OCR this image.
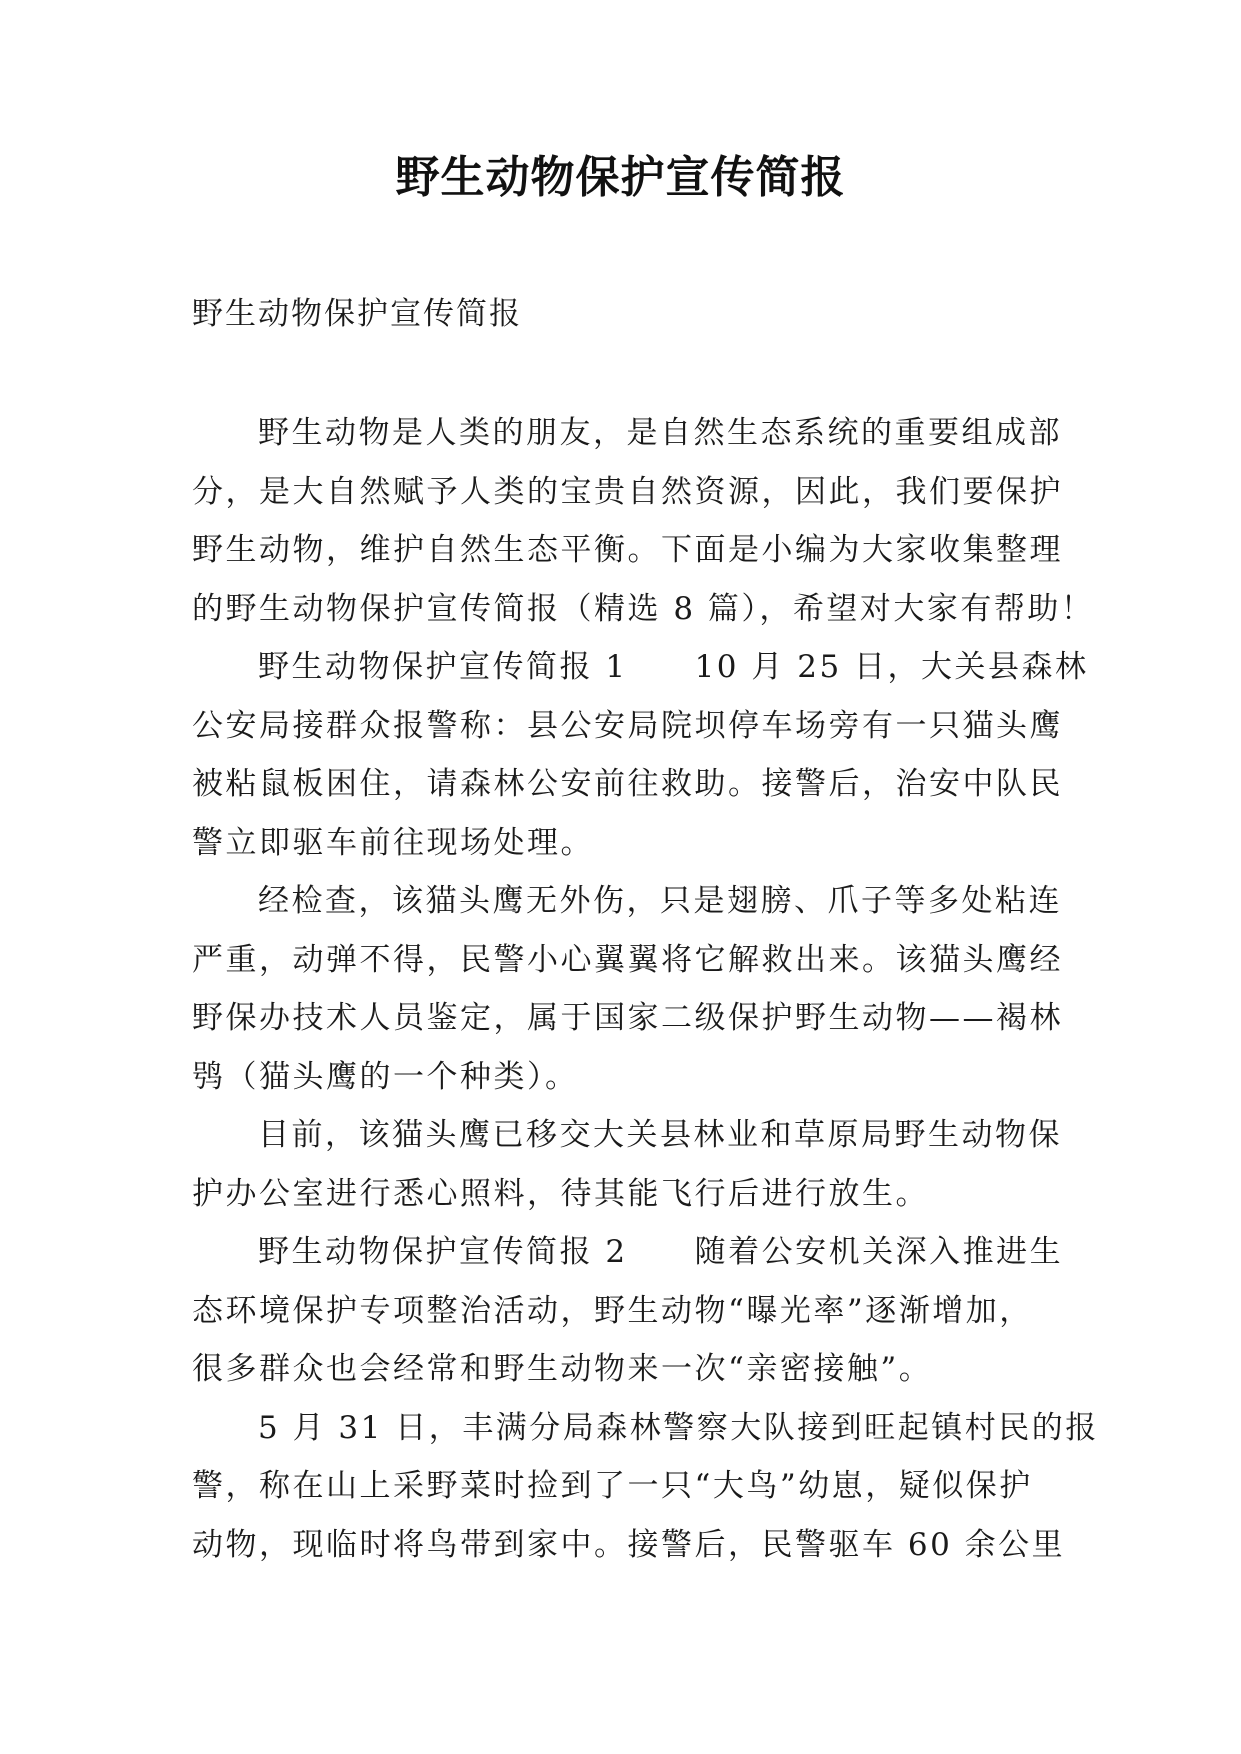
野生动物保护宣传简报
野生动物保护宣传简报
野生动物是人类的朋友，是自然生态系统的重要组成部
分，是大自然赋予人类的宝贵自然资源，因此，我们要保护
野生动物，维护自然生态平衡。下面是小编为大家收集整理
的野生动物保护宣传简报（精选 8 篇），希望对大家有帮助！
野生动物保护宣传简报 1　　10 月 25 日，大关县森林
公安局接群众报警称：县公安局院坝停车场旁有一只猫头鹰
被粘鼠板困住，请森林公安前往救助。接警后，治安中队民
警立即驱车前往现场处理。
经检查，该猫头鹰无外伤，只是翅膀、爪子等多处粘连
严重，动弹不得，民警小心翼翼将它解救出来。该猫头鹰经
野保办技术人员鉴定，属于国家二级保护野生动物——褐林
鸮（猫头鹰的一个种类）。
目前，该猫头鹰已移交大关县林业和草原局野生动物保
护办公室进行悉心照料，待其能飞行后进行放生。
野生动物保护宣传简报 2　　随着公安机关深入推进生
态环境保护专项整治活动，野生动物“曝光率”逐渐增加，
很多群众也会经常和野生动物来一次“亲密接触”。
5 月 31 日，丰满分局森林警察大队接到旺起镇村民的报
警，称在山上采野菜时捡到了一只“大鸟”幼崽，疑似保护
动物，现临时将鸟带到家中。接警后，民警驱车 60 余公里
